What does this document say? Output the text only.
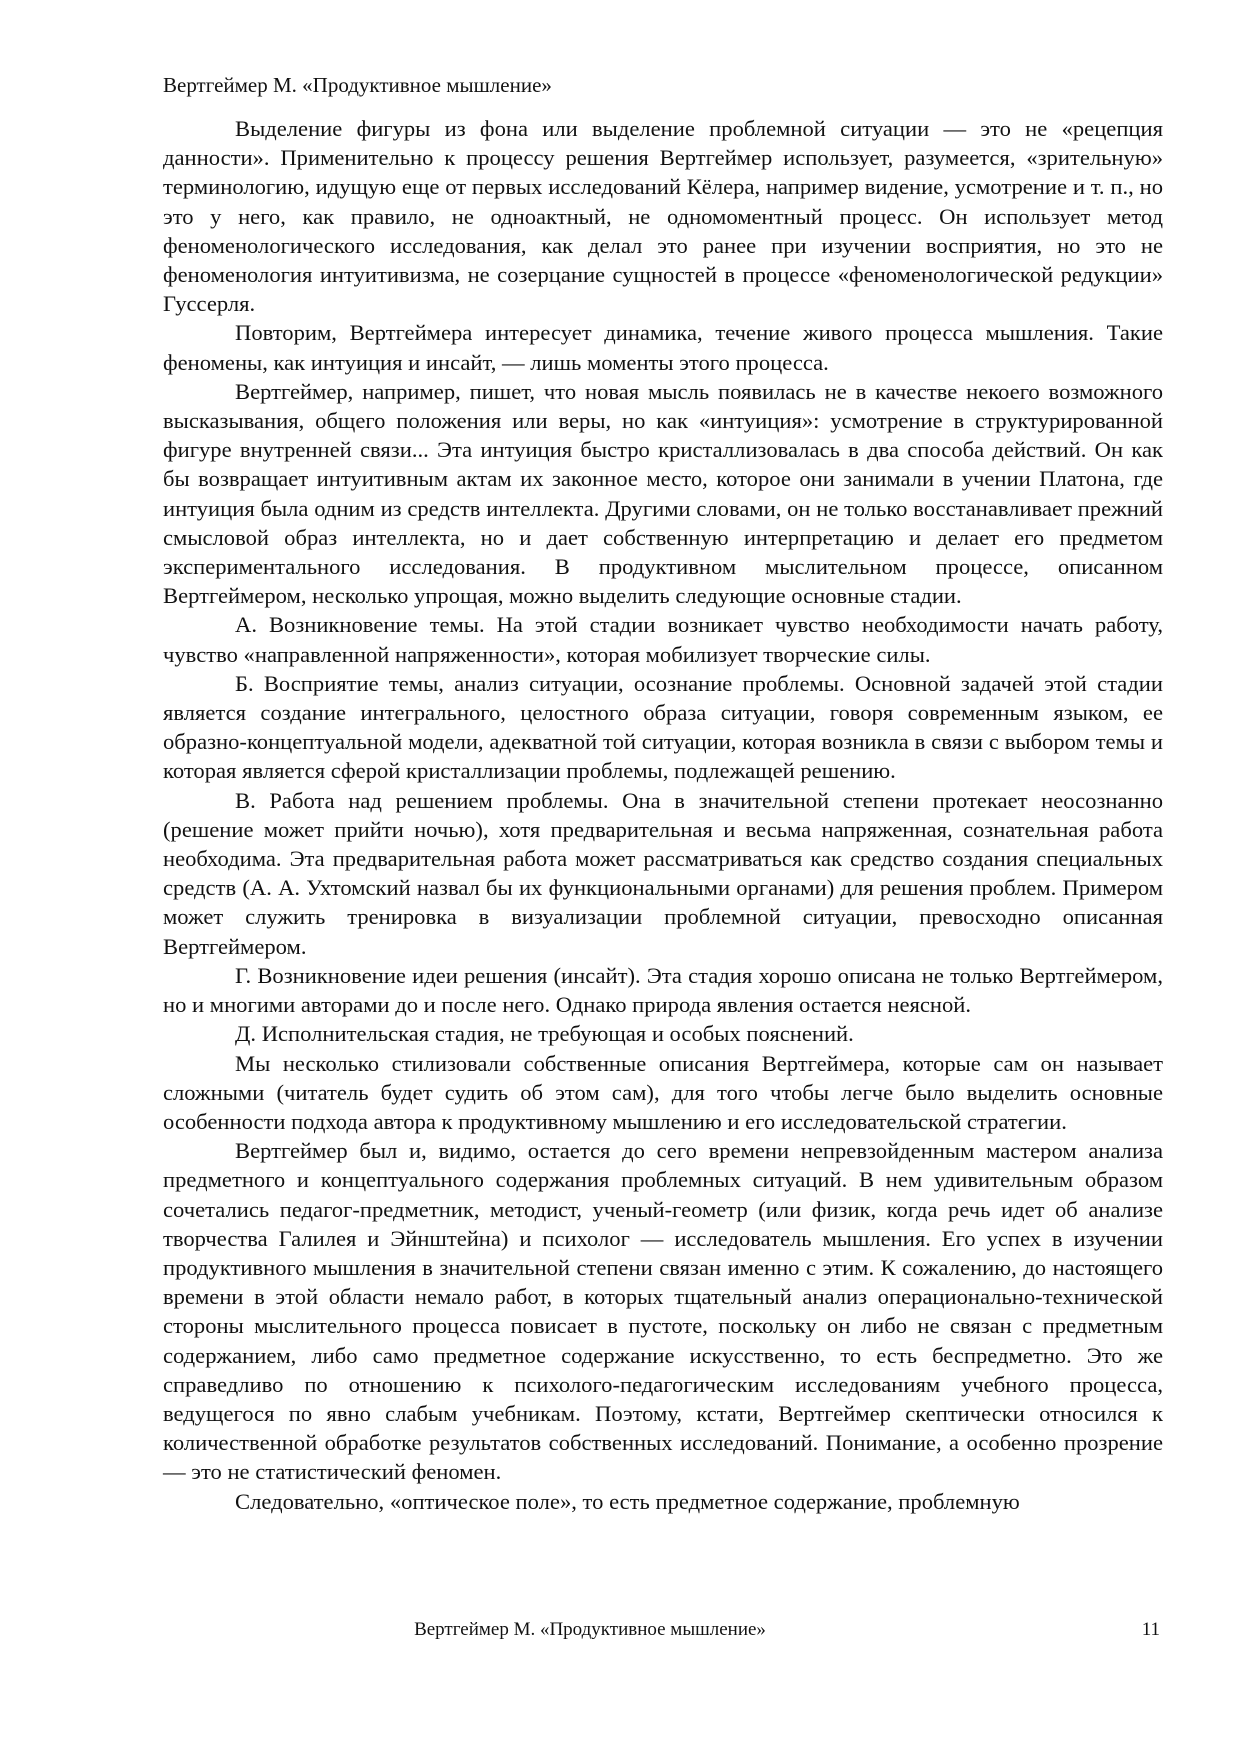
Вертгеймер М. «Продуктивное мышление»

Выделение фигуры из фона или выделение проблемной ситуации — это не «рецепция данности». Применительно к процессу решения Вертгеймер использует, разумеется, «зрительную» терминологию, идущую еще от первых исследований Кёлера, например видение, усмотрение и т. п., но это у него, как правило, не одноактный, не одномоментный процесс. Он использует метод феноменологического исследования, как делал это ранее при изучении восприятия, но это не феноменология интуитивизма, не созерцание сущностей в процессе «феноменологической редукции» Гуссерля.

Повторим, Вертгеймера интересует динамика, течение живого процесса мышления. Такие феномены, как интуиция и инсайт, — лишь моменты этого процесса.

Вертгеймер, например, пишет, что новая мысль появилась не в качестве некоего возможного высказывания, общего положения или веры, но как «интуиция»: усмотрение в структурированной фигуре внутренней связи... Эта интуиция быстро кристаллизовалась в два способа действий. Он как бы возвращает интуитивным актам их законное место, которое они занимали в учении Платона, где интуиция была одним из средств интеллекта. Другими словами, он не только восстанавливает прежний смысловой образ интеллекта, но и дает собственную интерпретацию и делает его предметом экспериментального исследования. В продуктивном мыслительном процессе, описанном Вертгеймером, несколько упрощая, можно выделить следующие основные стадии.

А. Возникновение темы. На этой стадии возникает чувство необходимости начать работу, чувство «направленной напряженности», которая мобилизует творческие силы.

Б. Восприятие темы, анализ ситуации, осознание проблемы. Основной задачей этой стадии является создание интегрального, целостного образа ситуации, говоря современным языком, ее образно-концептуальной модели, адекватной той ситуации, которая возникла в связи с выбором темы и которая является сферой кристаллизации проблемы, подлежащей решению.

В. Работа над решением проблемы. Она в значительной степени протекает неосознанно (решение может прийти ночью), хотя предварительная и весьма напряженная, сознательная работа необходима. Эта предварительная работа может рассматриваться как средство создания специальных средств (А. А. Ухтомский назвал бы их функциональными органами) для решения проблем. Примером может служить тренировка в визуализации проблемной ситуации, превосходно описанная Вертгеймером.

Г. Возникновение идеи решения (инсайт). Эта стадия хорошо описана не только Вертгеймером, но и многими авторами до и после него. Однако природа явления остается неясной.

Д. Исполнительская стадия, не требующая и особых пояснений.

Мы несколько стилизовали собственные описания Вертгеймера, которые сам он называет сложными (читатель будет судить об этом сам), для того чтобы легче было выделить основные особенности подхода автора к продуктивному мышлению и его исследовательской стратегии.

Вертгеймер был и, видимо, остается до сего времени непревзойденным мастером анализа предметного и концептуального содержания проблемных ситуаций. В нем удивительным образом сочетались педагог-предметник, методист, ученый-геометр (или физик, когда речь идет об анализе творчества Галилея и Эйнштейна) и психолог — исследователь мышления. Его успех в изучении продуктивного мышления в значительной степени связан именно с этим. К сожалению, до настоящего времени в этой области немало работ, в которых тщательный анализ операционально-технической стороны мыслительного процесса повисает в пустоте, поскольку он либо не связан с предметным содержанием, либо само предметное содержание искусственно, то есть беспредметно. Это же справедливо по отношению к психолого-педагогическим исследованиям учебного процесса, ведущегося по явно слабым учебникам. Поэтому, кстати, Вертгеймер скептически относился к количественной обработке результатов собственных исследований. Понимание, а особенно прозрение — это не статистический феномен.

Следовательно, «оптическое поле», то есть предметное содержание, проблемную

Вертгеймер М. «Продуктивное мышление»	11
